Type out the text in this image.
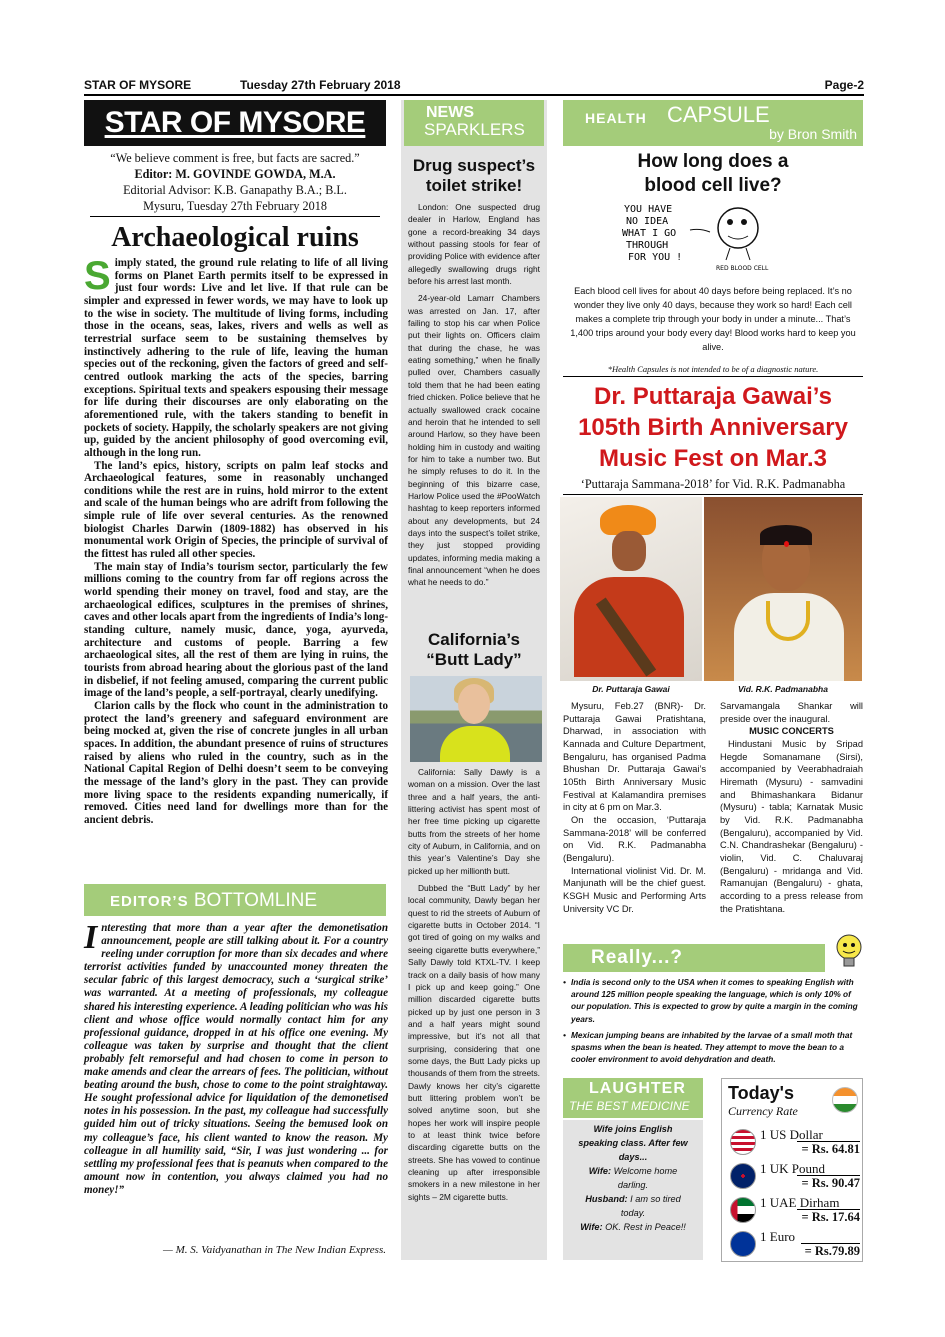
STAR OF MYSORE	Tuesday 27th February 2018	Page-2
STAR OF MYSORE
“We believe comment is free, but facts are sacred.”
Editor: M. GOVINDE GOWDA, M.A.
Editorial Advisor: K.B. Ganapathy B.A.; B.L.
Mysuru, Tuesday 27th February 2018
Archaeological ruins

Simply stated, the ground rule relating to life of all living forms on Planet Earth permits itself to be expressed in just four words: Live and let live. If that rule can be simpler and expressed in fewer words, we may have to look up to the wise in society. The multitude of living forms, including those in the oceans, seas, lakes, rivers and wells as well as terrestrial surface seem to be sustaining themselves by instinctively adhering to the rule of life, leaving the human species out of the reckoning, given the factors of greed and self-centred outlook marking the acts of the species, barring exceptions. Spiritual texts and speakers espousing their message for life during their discourses are only elaborating on the aforementioned rule, with the takers standing to benefit in pockets of society. Happily, the scholarly speakers are not giving up, guided by the ancient philosophy of good overcoming evil, although in the long run.

The land’s epics, history, scripts on palm leaf stocks and Archaeological features, some in reasonably unchanged conditions while the rest are in ruins, hold mirror to the extent and scale of the human beings who are adrift from following the simple rule of life over several centuries. As the renowned biologist Charles Darwin (1809-1882) has observed in his monumental work Origin of Species, the principle of survival of the fittest has ruled all other species.

The main stay of India’s tourism sector, particularly the few millions coming to the country from far off regions across the world spending their money on travel, food and stay, are the archaeological edifices, sculptures in the premises of shrines, caves and other locals apart from the ingredients of India’s long-standing culture, namely music, dance, yoga, ayurveda, architecture and customs of people. Barring a few archaeological sites, all the rest of them are lying in ruins, the tourists from abroad hearing about the glorious past of the land in disbelief, if not feeling amused, comparing the current public image of the land’s people, a self-portrayal, clearly unedifying.

Clarion calls by the flock who count in the administration to protect the land’s greenery and safeguard environment are being mocked at, given the rise of concrete jungles in all urban spaces. In addition, the abundant presence of ruins of structures raised by aliens who ruled in the country, such as in the National Capital Region of Delhi doesn’t seem to be conveying the message of the land’s glory in the past. They can provide more living space to the residents expanding numerically, if removed. Cities need land for dwellings more than for the ancient debris.

EDITOR’S BOTTOMLINE
Interesting that more than a year after the demonetisation announcement, people are still talking about it. For a country reeling under corruption for more than six decades and where terrorist activities funded by unaccounted money threaten the secular fabric of this largest democracy, such a ‘surgical strike’ was warranted. At a meeting of professionals, my colleague shared his interesting experience. A leading politician who was his client and whose office would normally contact him for any professional guidance, dropped in at his office one evening. My colleague was taken by surprise and thought that the client probably felt remorseful and had chosen to come in person to make amends and clear the arrears of fees. The politician, without beating around the bush, chose to come to the point straightaway. He sought professional advice for liquidation of the demonetised notes in his possession. In the past, my colleague had successfully guided him out of tricky situations. Seeing the bemused look on my colleague’s face, his client wanted to know the reason. My colleague in all humility said, “Sir, I was just wondering ... for settling my professional fees that is peanuts when compared to the amount now in contention, you always claimed you had no money!”
— M. S. Vaidyanathan in The New Indian Express.
NEWS
SPARKLERS
Drug suspect’s
toilet strike!

London: One suspected drug dealer in Harlow, England has gone a record-breaking 34 days without passing stools for fear of providing Police with evidence after allegedly swallowing drugs right before his arrest last month.

24-year-old Lamarr Chambers was arrested on Jan. 17, after failing to stop his car when Police put their lights on. Officers claim that during the chase, he was eating something,” when he finally pulled over, Chambers casually told them that he had been eating fried chicken. Police believe that he actually swallowed crack cocaine and heroin that he intended to sell around Harlow, so they have been holding him in custody and waiting for him to take a number two. But he simply refuses to do it. In the beginning of this bizarre case, Harlow Police used the #PooWatch hashtag to keep reporters informed about any developments, but 24 days into the suspect’s toilet strike, they just stopped providing updates, informing media making a final announcement “when he does what he needs to do.”

California’s
“Butt Lady”

California: Sally Dawly is a woman on a mission. Over the last three and a half years, the anti-littering activist has spent most of her free time picking up cigarette butts from the streets of her home city of Auburn, in California, and on this year’s Valentine’s Day she picked up her millionth butt.

Dubbed the “Butt Lady” by her local community, Dawly began her quest to rid the streets of Auburn of cigarette butts in October 2014. “I got tired of going on my walks and seeing cigarette butts everywhere,” Sally Dawly told KTXL-TV. I keep track on a daily basis of how many I pick up and keep going.” One million discarded cigarette butts picked up by just one person in 3 and a half years might sound impressive, but it’s not all that surprising, considering that one some days, the Butt Lady picks up thousands of them from the streets. Dawly knows her city’s cigarette butt littering problem won’t be solved anytime soon, but she hopes her work will inspire people to at least think twice before discarding cigarette butts on the streets. She has vowed to continue cleaning up after irresponsible smokers in a new milestone in her sights – 2M cigarette butts.

HEALTH CAPSULE
by Bron Smith
How long does a
blood cell live?
YOU HAVE
NO IDEA
WHAT I GO
THROUGH
FOR YOU !
RED BLOOD CELL
Each blood cell lives for about 40 days before being replaced. It’s no wonder they live only 40 days, because they work so hard! Each cell makes a complete trip through your body in under a minute... That’s 1,400 trips around your body every day! Blood works hard to keep you alive.
*Health Capsules is not intended to be of a diagnostic nature.
Dr. Puttaraja Gawai’s
105th Birth Anniversary
Music Fest on Mar.3
‘Puttaraja Sammana-2018’ for Vid. R.K. Padmanabha
Dr. Puttaraja Gawai	Vid. R.K. Padmanabha

Mysuru, Feb.27 (BNR)- Dr. Puttaraja Gawai Pratishtana, Dharwad, in association with Kannada and Culture Department, Bengaluru, has organised Padma Bhushan Dr. Puttaraja Gawai’s 105th Birth Anniversary Music Festival at Kalamandira premises in city at 6 pm on Mar.3.

On the occasion, ‘Puttaraja Sammana-2018’ will be conferred on Vid. R.K. Padmanabha (Bengaluru).

International violinist Vid. Dr. M. Manjunath will be the chief guest. KSGH Music and Performing Arts University VC Dr.

Sarvamangala Shankar will preside over the inaugural.

MUSIC CONCERTS

Hindustani Music by Sripad Hegde Somanamane (Sirsi), accompanied by Veerabhadraiah Hiremath (Mysuru) - samvadini and Bhimashankara Bidanur (Mysuru) - tabla; Karnatak Music by Vid. R.K. Padmanabha (Bengaluru), accompanied by Vid. C.N. Chandrashekar (Bengaluru) - violin, Vid. C. Chaluvaraj (Bengaluru) - mridanga and Vid. Ramanujan (Bengaluru) - ghata, according to a press release from the Pratishtana.

Really...?
• India is second only to the USA when it comes to speaking English with around 125 million people speaking the language, which is only 10% of our population. This is expected to grow by quite a margin in the coming years.
• Mexican jumping beans are inhabited by the larvae of a small moth that spasms when the bean is heated. They attempt to move the bean to a cooler environment to avoid dehydration and death.
LAUGHTER
THE BEST MEDICINE
Wife joins English speaking class. After few days...
Wife: Welcome home darling.
Husband: I am so tired today.
Wife: OK. Rest in Peace!!
Today's
Currency Rate
1 US Dollar
= Rs. 64.81
1 UK Pound
= Rs. 90.47
1 UAE Dirham
= Rs. 17.64
1 Euro
= Rs.79.89
